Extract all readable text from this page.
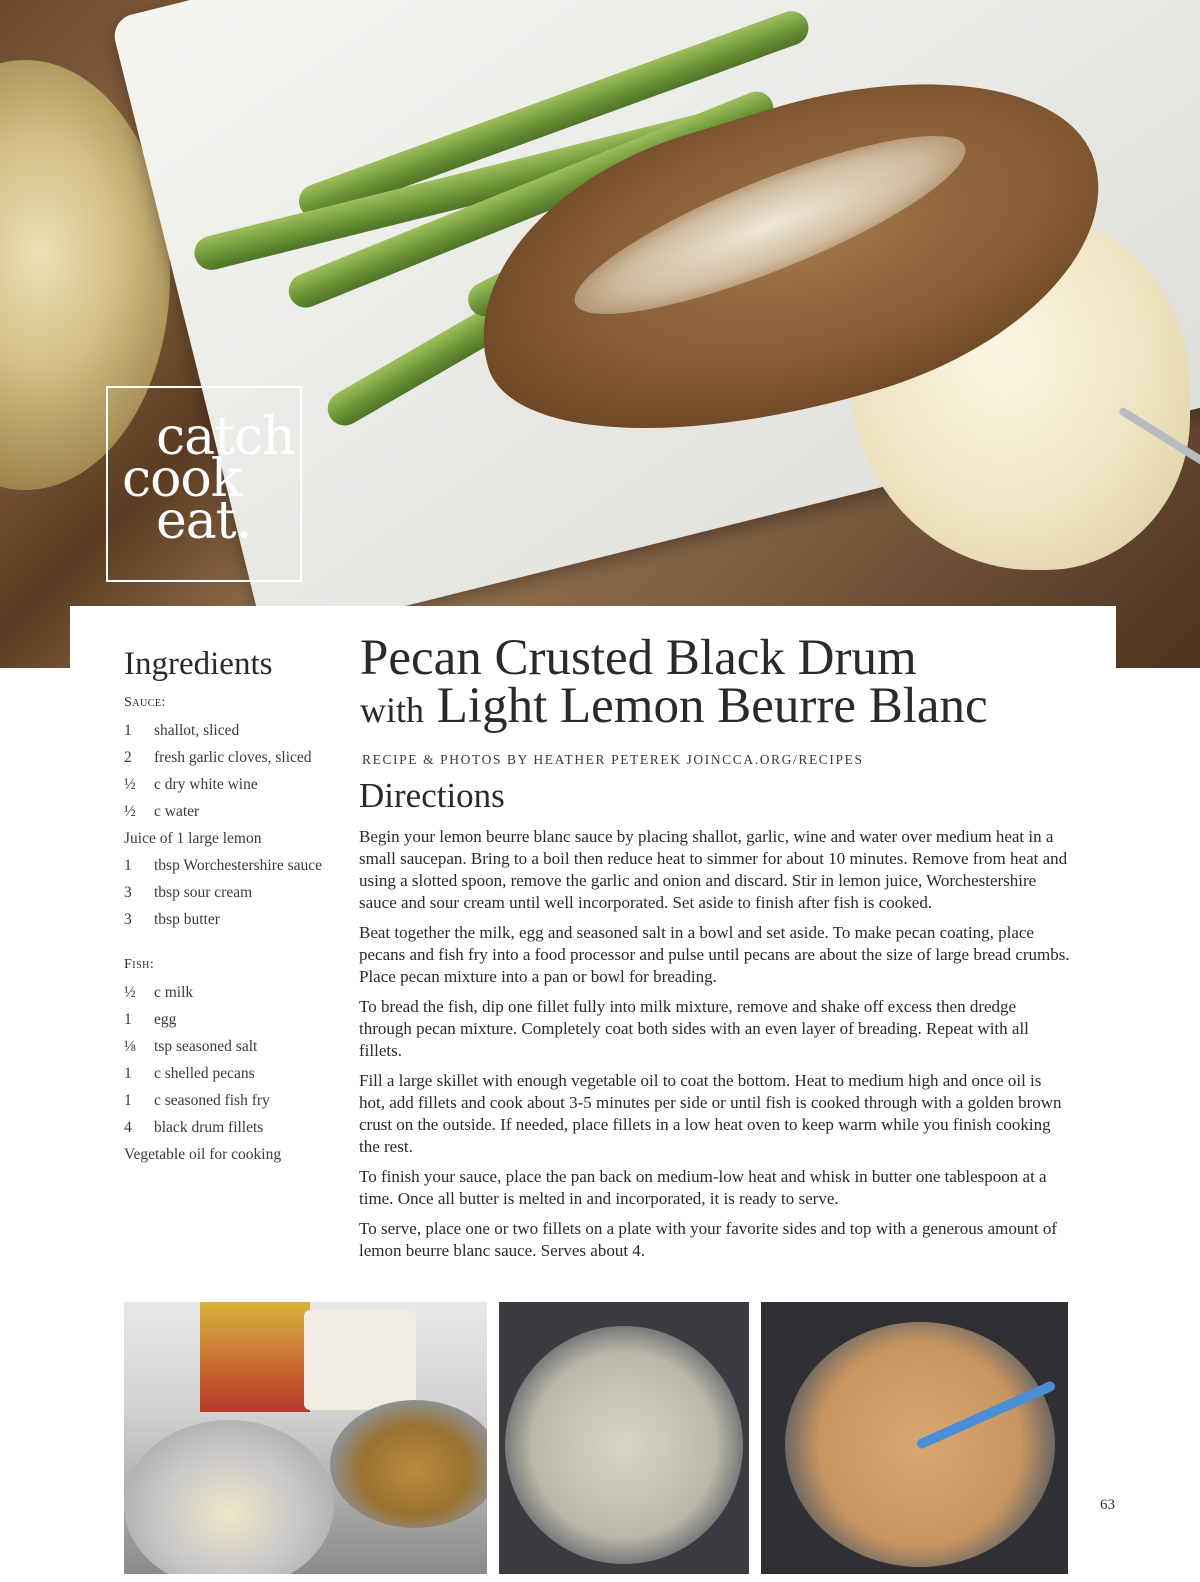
catch
cook
eat.
Ingredients
Sauce:
1 shallot, sliced
2 fresh garlic cloves, sliced
½ c dry white wine
½ c water
Juice of 1 large lemon
1 tbsp Worchestershire sauce
3 tbsp sour cream
3 tbsp butter
Fish:
½ c milk
1 egg
⅛ tsp seasoned salt
1 c shelled pecans
1 c seasoned fish fry
4 black drum fillets
Vegetable oil for cooking
Pecan Crusted Black Drum
with Light Lemon Beurre Blanc
RECIPE & PHOTOS BY HEATHER PETEREK JOINCCA.ORG/RECIPES
Directions

Begin your lemon beurre blanc sauce by placing shallot, garlic, wine and water over medium heat in a small saucepan. Bring to a boil then reduce heat to simmer for about 10 minutes. Remove from heat and using a slotted spoon, remove the garlic and onion and discard. Stir in lemon juice, Worchestershire sauce and sour cream until well incorporated. Set aside to finish after fish is cooked.

Beat together the milk, egg and seasoned salt in a bowl and set aside. To make pecan coating, place pecans and fish fry into a food processor and pulse until pecans are about the size of large bread crumbs. Place pecan mixture into a pan or bowl for breading.

To bread the fish, dip one fillet fully into milk mixture, remove and shake off excess then dredge through pecan mixture. Completely coat both sides with an even layer of breading. Repeat with all fillets.

Fill a large skillet with enough vegetable oil to coat the bottom. Heat to medium high and once oil is hot, add fillets and cook about 3-5 minutes per side or until fish is cooked through with a golden brown crust on the outside. If needed, place fillets in a low heat oven to keep warm while you finish cooking the rest.

To finish your sauce, place the pan back on medium-low heat and whisk in butter one tablespoon at a time. Once all butter is melted in and incorporated, it is ready to serve.

To serve, place one or two fillets on a plate with your favorite sides and top with a generous amount of lemon beurre blanc sauce. Serves about 4.

63
